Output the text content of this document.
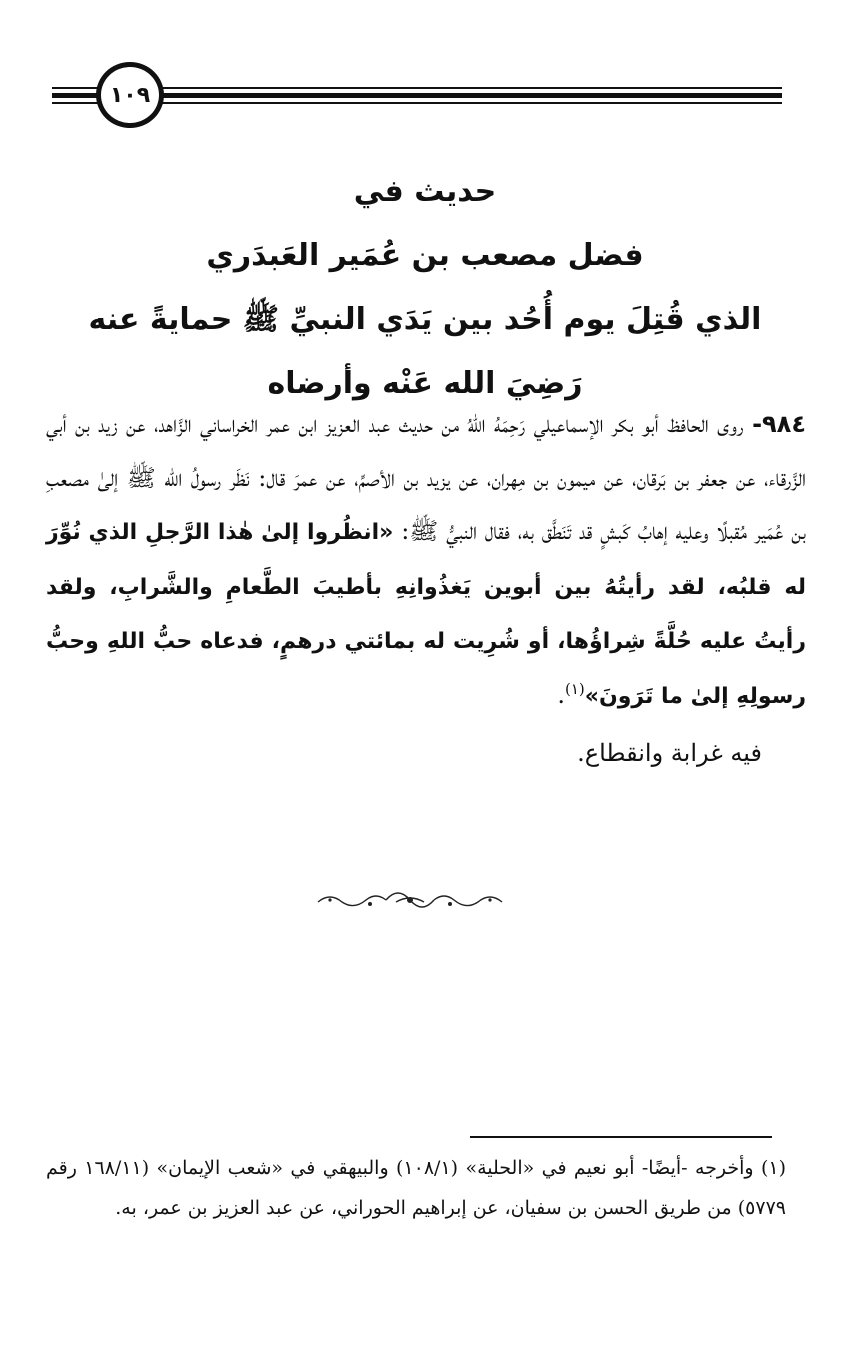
١٠٩
حديث في
فضل مصعب بن عُمَير العَبدَري
الذي قُتِلَ يوم أُحُد بين يَدَي النبيِّ ﷺ حمايةً عنه
رَضِيَ الله عَنْه وأرضاه

٩٨٤- روى الحافظ أبو بكر الإسماعيلي رَحِمَهُ اللهُ من حديث عبد العزيز ابن عمر الخراساني الزَّاهد، عن زيد بن أبي الزَّرقاء، عن جعفر بن بَرقان، عن ميمون بن مِهران، عن يزيد بن الأصمِّ، عن عمرَ قال: نَظَر رسولُ الله ﷺ إلىٰ مصعبِ بن عُمَير مُقبلًا وعليه إهابُ كَبشٍ قد تَنَطَّق به، فقال النبيُّ ﷺ: «انظُروا إلىٰ هٰذا الرَّجلِ الذي نُوِّرَ له قلبُه، لقد رأيتُهُ بين أبوين يَغذُوانِهِ بأطيبَ الطَّعامِ والشَّرابِ، ولقد رأيتُ عليه حُلَّةً شِراؤُها، أو شُرِيت له بمائتي درهمٍ، فدعاه حبُّ اللهِ وحبُّ رسولِهِ إلىٰ ما تَرَونَ»$^{(١)}$.

فيه غرابة وانقطاع.

(١) وأخرجه -أيضًا- أبو نعيم في «الحلية» (١٠٨/١) والبيهقي في «شعب الإيمان» (١٦٨/١١ رقم ٥٧٧٩) من طريق الحسن بن سفيان، عن إبراهيم الحوراني، عن عبد العزيز بن عمر، به.
